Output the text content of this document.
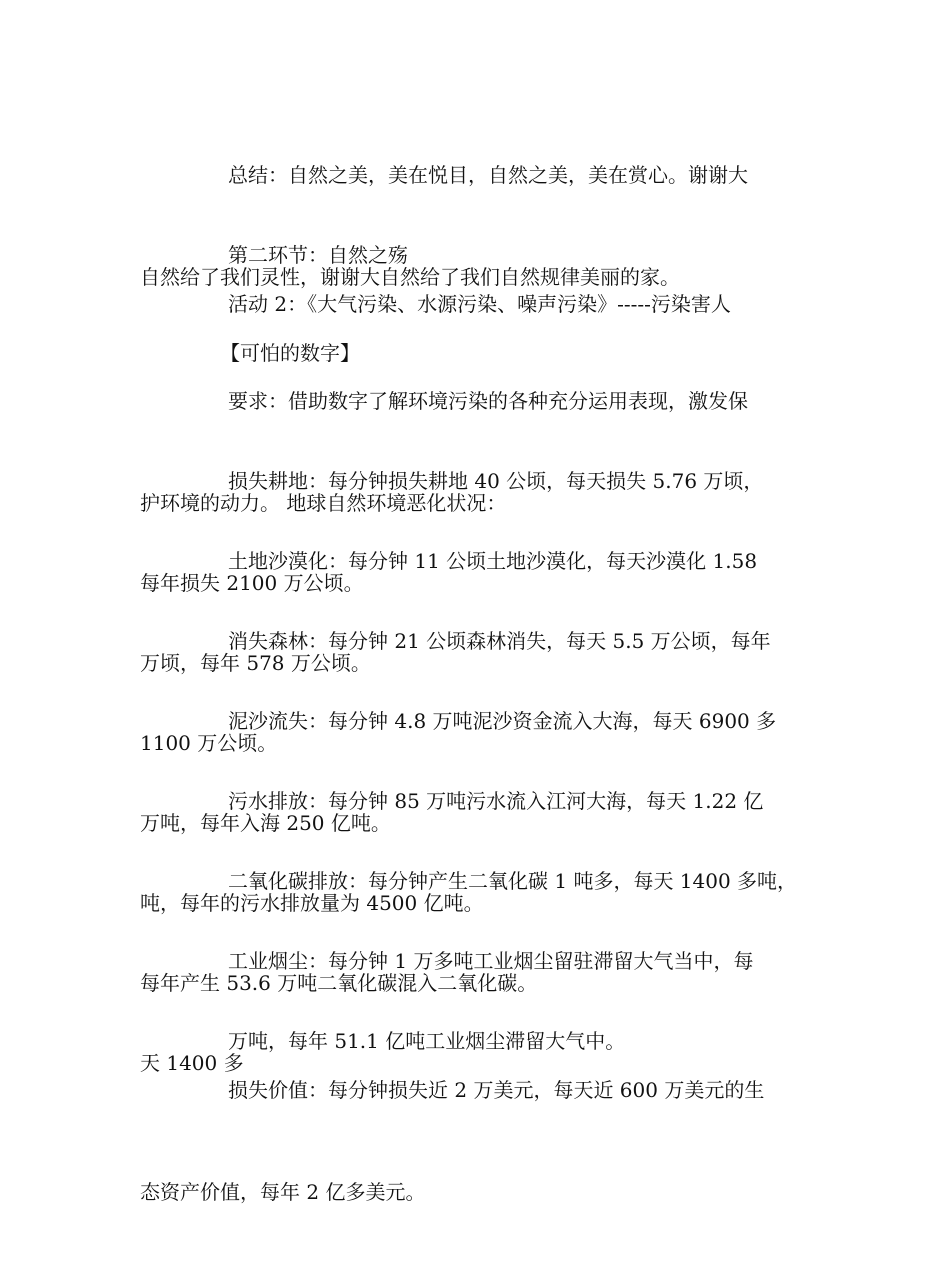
总结：自然之美，美在悦目，自然之美，美在赏心。谢谢大

自然给了我们灵性，谢谢大自然给了我们自然规律美丽的家。

第二环节：自然之殇

活动 2：《大气污染、水源污染、噪声污染》-----污染害人

【可怕的数字】

要求：借助数字了解环境污染的各种充分运用表现，激发保

护环境的动力。 地球自然环境恶化状况：

损失耕地：每分钟损失耕地 40 公顷，每天损失 5.76 万顷，

每年损失 2100 万公顷。

土地沙漠化：每分钟 11 公顷土地沙漠化，每天沙漠化 1.58

万顷，每年 578 万公顷。

消失森林：每分钟 21 公顷森林消失，每天 5.5 万公顷，每年

1100 万公顷。

泥沙流失：每分钟 4.8 万吨泥沙资金流入大海，每天 6900 多

万吨，每年入海 250 亿吨。

污水排放：每分钟 85 万吨污水流入江河大海，每天 1.22 亿

吨，每年的污水排放量为 4500 亿吨。

二氧化碳排放：每分钟产生二氧化碳 1 吨多，每天 1400 多吨，

每年产生 53.6 万吨二氧化碳混入二氧化碳。

工业烟尘：每分钟 1 万多吨工业烟尘留驻滞留大气当中，每

天 1400 多

万吨，每年 51.1 亿吨工业烟尘滞留大气中。

损失价值：每分钟损失近 2 万美元，每天近 600 万美元的生

态资产价值，每年 2 亿多美元。
